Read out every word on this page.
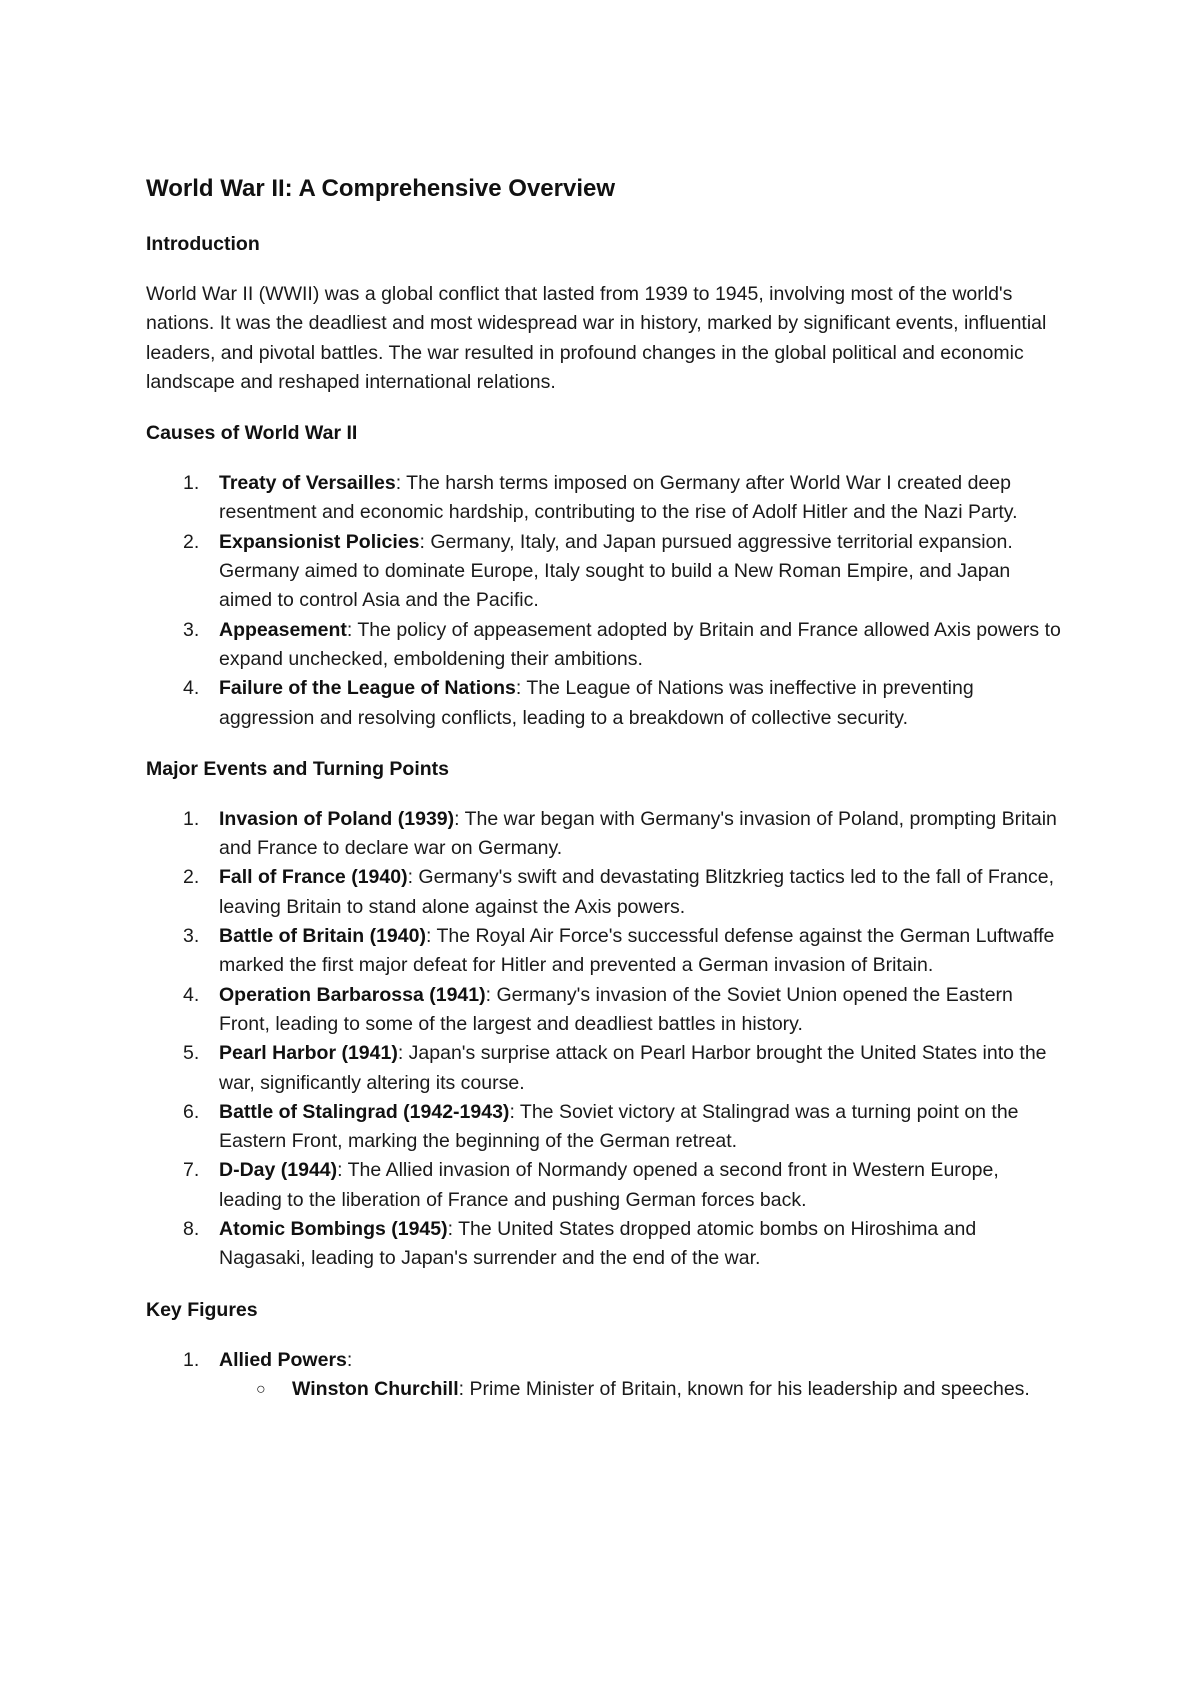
World War II: A Comprehensive Overview
Introduction

World War II (WWII) was a global conflict that lasted from 1939 to 1945, involving most of the world's nations. It was the deadliest and most widespread war in history, marked by significant events, influential leaders, and pivotal battles. The war resulted in profound changes in the global political and economic landscape and reshaped international relations.

Causes of World War II
1. Treaty of Versailles: The harsh terms imposed on Germany after World War I created deep resentment and economic hardship, contributing to the rise of Adolf Hitler and the Nazi Party.
2. Expansionist Policies: Germany, Italy, and Japan pursued aggressive territorial expansion. Germany aimed to dominate Europe, Italy sought to build a New Roman Empire, and Japan aimed to control Asia and the Pacific.
3. Appeasement: The policy of appeasement adopted by Britain and France allowed Axis powers to expand unchecked, emboldening their ambitions.
4. Failure of the League of Nations: The League of Nations was ineffective in preventing aggression and resolving conflicts, leading to a breakdown of collective security.
Major Events and Turning Points
1. Invasion of Poland (1939): The war began with Germany's invasion of Poland, prompting Britain and France to declare war on Germany.
2. Fall of France (1940): Germany's swift and devastating Blitzkrieg tactics led to the fall of France, leaving Britain to stand alone against the Axis powers.
3. Battle of Britain (1940): The Royal Air Force's successful defense against the German Luftwaffe marked the first major defeat for Hitler and prevented a German invasion of Britain.
4. Operation Barbarossa (1941): Germany's invasion of the Soviet Union opened the Eastern Front, leading to some of the largest and deadliest battles in history.
5. Pearl Harbor (1941): Japan's surprise attack on Pearl Harbor brought the United States into the war, significantly altering its course.
6. Battle of Stalingrad (1942-1943): The Soviet victory at Stalingrad was a turning point on the Eastern Front, marking the beginning of the German retreat.
7. D-Day (1944): The Allied invasion of Normandy opened a second front in Western Europe, leading to the liberation of France and pushing German forces back.
8. Atomic Bombings (1945): The United States dropped atomic bombs on Hiroshima and Nagasaki, leading to Japan's surrender and the end of the war.
Key Figures
1. Allied Powers:
○ Winston Churchill: Prime Minister of Britain, known for his leadership and speeches.
